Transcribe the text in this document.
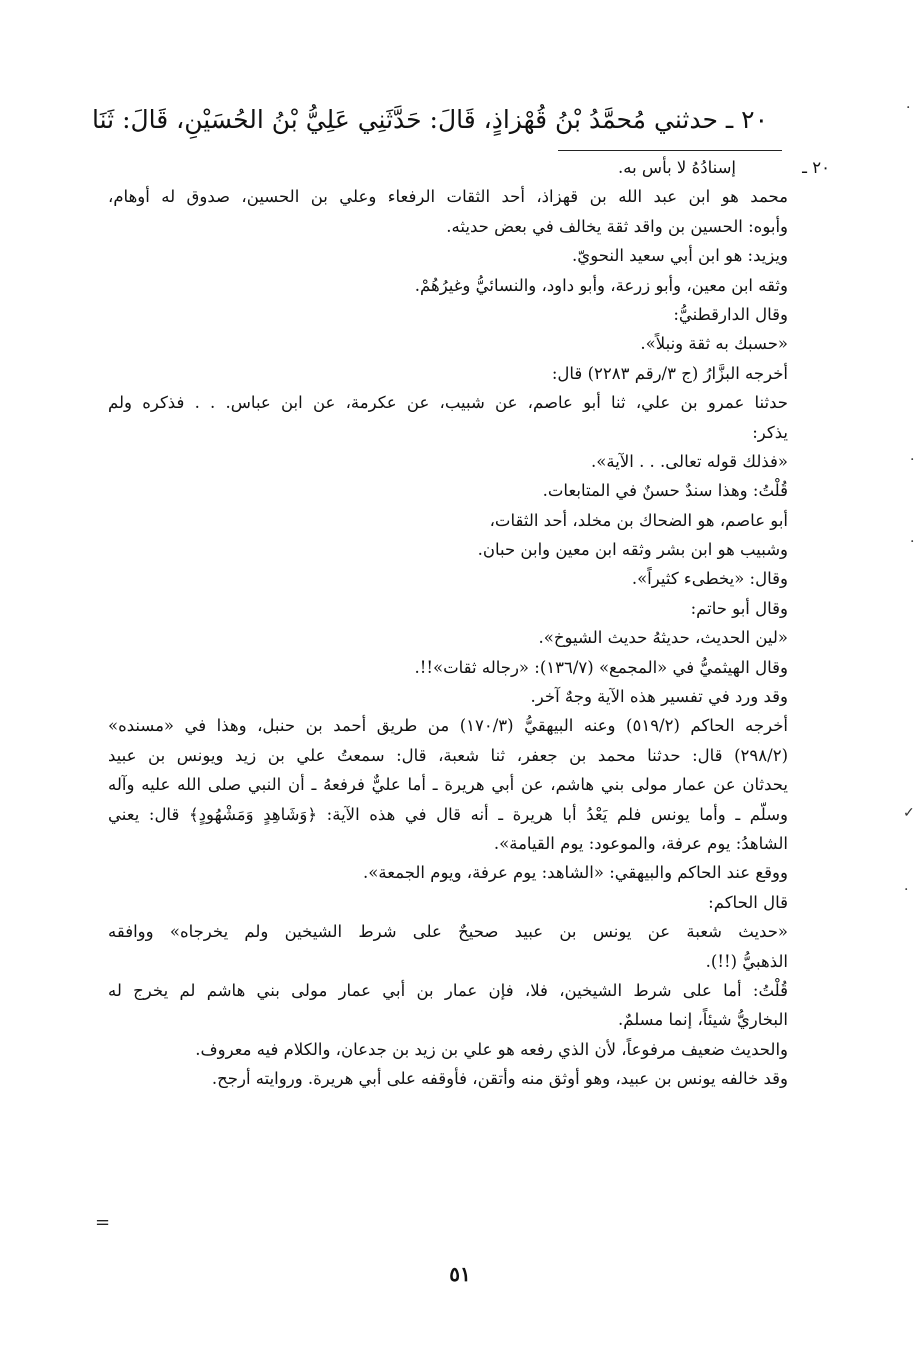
٢٠ ـ حدثني مُحمَّدُ بْنُ قُهْزاذٍ، قَالَ: حَدَّثَنِي عَلِيُّ بْنُ الحُسَيْنِ، قَالَ: ثَنَا
٢٠ ـ
إسنادُهُ لا بأس به.
محمد هو ابن عبد الله بن قهزاذ، أحد الثقات الرفعاء وعلي بن الحسين، صدوق له أوهام،
وأبوه: الحسين بن واقد ثقة يخالف في بعض حديثه.
ويزيد: هو ابن أبي سعيد النحويّ.
وثقه ابن معين، وأبو زرعة، وأبو داود، والنسائيُّ وغيرُهُمْ.
وقال الدارقطنيُّ:
«حسبك به ثقة ونبلاً».
أخرجه البزَّارُ (ج ٣/رقم ٢٢٨٣) قال:
حدثنا عمرو بن علي، ثنا أبو عاصم، عن شبيب، عن عكرمة، عن ابن عباس. . . فذكره ولم
يذكر:
«فذلك قوله تعالى. . . الآية».
قُلْتُ: وهذا سندٌ حسنٌ في المتابعات.
أبو عاصم، هو الضحاك بن مخلد، أحد الثقات،
وشبيب هو ابن بشر وثقه ابن معين وابن حبان.
وقال: «يخطىء كثيراً».
وقال أبو حاتم:
«لين الحديث، حديثهُ حديث الشيوخ».
وقال الهيثميُّ في «المجمع» (١٣٦/٧): «رجاله ثقات»!!.
وقد ورد في تفسير هذه الآية وجهٌ آخر.
أخرجه الحاكم (٥١٩/٢) وعنه البيهقيُّ (١٧٠/٣) من طريق أحمد بن حنبل، وهذا في «مسنده»
(٢٩٨/٢) قال: حدثنا محمد بن جعفر، ثنا شعبة، قال: سمعتُ علي بن زيد ويونس بن عبيد
يحدثان عن عمار مولى بني هاشم، عن أبي هريرة ـ أما عليٌّ فرفعهُ ـ أن النبي صلى الله عليه وآله
وسلّم ـ وأما يونس فلم يَعْدُ أبا هريرة ـ أنه قال في هذه الآية: ﴿وَشَاهِدٍ وَمَشْهُودٍ﴾ قال: يعني
الشاهدُ: يوم عرفة، والموعود: يوم القيامة».
ووقع عند الحاكم والبيهقي: «الشاهد: يوم عرفة، ويوم الجمعة».
قال الحاكم:
«حديث شعبة عن يونس بن عبيد صحيحٌ على شرط الشيخين ولم يخرجاه» ووافقه
الذهبيُّ (!!).
قُلْتُ: أما على شرط الشيخين، فلا، فإن عمار بن أبي عمار مولى بني هاشم لم يخرج له
البخاريُّ شيئاً، إنما مسلمٌ.
والحديث ضعيف مرفوعاً، لأن الذي رفعه هو علي بن زيد بن جدعان، والكلام فيه معروف.
وقد خالفه يونس بن عبيد، وهو أوثق منه وأتقن، فأوقفه على أبي هريرة. وروايته أرجح.
=
·
·
·
✓
·
٥١
